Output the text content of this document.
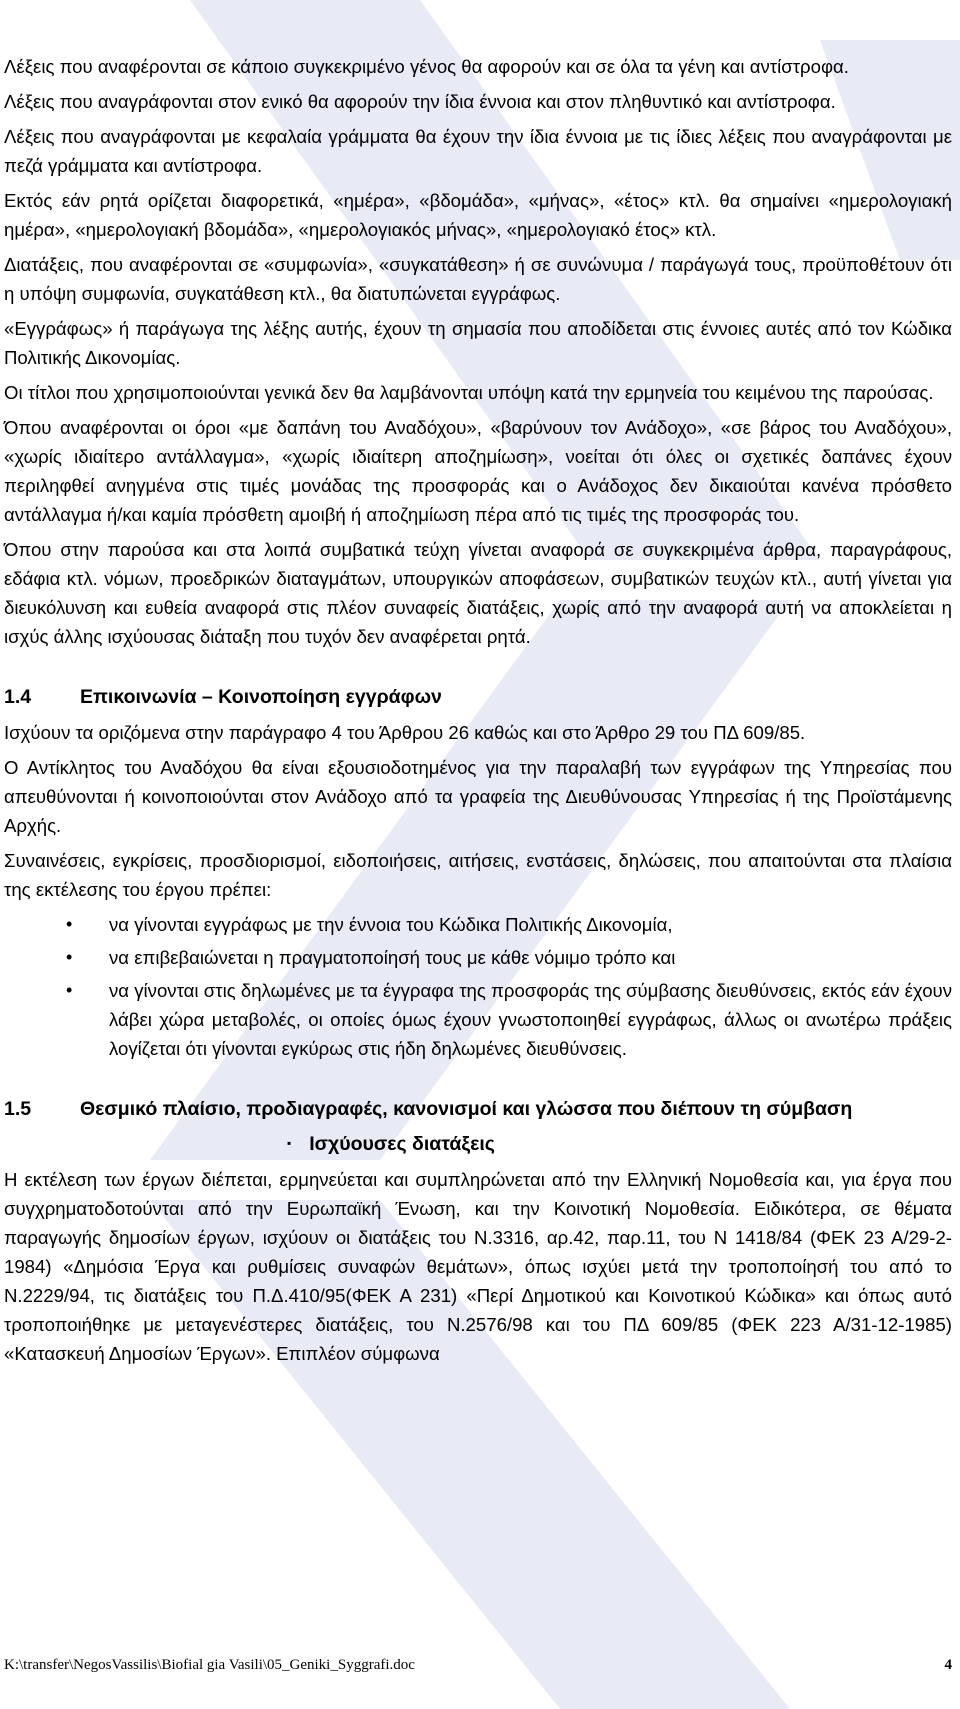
Λέξεις που αναφέρονται σε κάποιο συγκεκριμένο γένος θα αφορούν και σε όλα τα γένη και αντίστροφα.

Λέξεις που αναγράφονται στον ενικό θα αφορούν την ίδια έννοια και στον πληθυντικό και αντίστροφα.

Λέξεις που αναγράφονται με κεφαλαία γράμματα θα έχουν την ίδια έννοια με τις ίδιες λέξεις που αναγράφονται με πεζά γράμματα και αντίστροφα.

Εκτός εάν ρητά ορίζεται διαφορετικά, «ημέρα», «βδομάδα», «μήνας», «έτος» κτλ. θα σημαίνει «ημερολογιακή ημέρα», «ημερολογιακή βδομάδα», «ημερολογιακός μήνας», «ημερολογιακό έτος» κτλ.

Διατάξεις, που αναφέρονται σε «συμφωνία», «συγκατάθεση» ή σε συνώνυμα / παράγωγά τους, προϋποθέτουν ότι η υπόψη συμφωνία, συγκατάθεση κτλ., θα διατυπώνεται εγγράφως.

«Εγγράφως» ή παράγωγα της λέξης αυτής, έχουν τη σημασία που αποδίδεται στις έννοιες αυτές από τον Κώδικα Πολιτικής Δικονομίας.

Οι τίτλοι που χρησιμοποιούνται γενικά δεν θα λαμβάνονται υπόψη κατά την ερμηνεία του κειμένου της παρούσας.

Όπου αναφέρονται οι όροι «με δαπάνη του Αναδόχου», «βαρύνουν τον Ανάδοχο», «σε βάρος του Αναδόχου», «χωρίς ιδιαίτερο αντάλλαγμα», «χωρίς ιδιαίτερη αποζημίωση», νοείται ότι όλες οι σχετικές δαπάνες έχουν περιληφθεί ανηγμένα στις τιμές μονάδας της προσφοράς και ο Ανάδοχος δεν δικαιούται κανένα πρόσθετο αντάλλαγμα ή/και καμία πρόσθετη αμοιβή ή αποζημίωση πέρα από τις τιμές της προσφοράς του.

Όπου στην παρούσα και στα λοιπά συμβατικά τεύχη γίνεται αναφορά σε συγκεκριμένα άρθρα, παραγράφους, εδάφια κτλ. νόμων, προεδρικών διαταγμάτων, υπουργικών αποφάσεων, συμβατικών τευχών κτλ., αυτή γίνεται για διευκόλυνση και ευθεία αναφορά στις πλέον συναφείς διατάξεις, χωρίς από την αναφορά αυτή να αποκλείεται η ισχύς άλλης ισχύουσας διάταξη που τυχόν δεν αναφέρεται ρητά.

1.4	Επικοινωνία – Κοινοποίηση εγγράφων

Ισχύουν τα οριζόμενα στην παράγραφο 4 του Άρθρου 26 καθώς και στο Άρθρο 29 του ΠΔ 609/85.

Ο Αντίκλητος του Αναδόχου θα είναι εξουσιοδοτημένος για την παραλαβή των εγγράφων της Υπηρεσίας που απευθύνονται ή κοινοποιούνται στον Ανάδοχο από τα γραφεία της Διευθύνουσας Υπηρεσίας ή της Προϊστάμενης Αρχής.

Συναινέσεις, εγκρίσεις, προσδιορισμοί, ειδοποιήσεις, αιτήσεις, ενστάσεις, δηλώσεις, που απαιτούνται στα πλαίσια της εκτέλεσης του έργου πρέπει:

• να γίνονται εγγράφως με την έννοια του Κώδικα Πολιτικής Δικονομία,
• να επιβεβαιώνεται η πραγματοποίησή τους με κάθε νόμιμο τρόπο και
• να γίνονται στις δηλωμένες με τα έγγραφα της προσφοράς της σύμβασης διευθύνσεις, εκτός εάν έχουν λάβει χώρα μεταβολές, οι οποίες όμως έχουν γνωστοποιηθεί εγγράφως, άλλως οι ανωτέρω πράξεις λογίζεται ότι γίνονται εγκύρως στις ήδη δηλωμένες διευθύνσεις.
1.5	Θεσμικό πλαίσιο, προδιαγραφές, κανονισμοί και γλώσσα που διέπουν τη σύμβαση
▪ Ισχύουσες διατάξεις

Η εκτέλεση των έργων διέπεται, ερμηνεύεται και συμπληρώνεται από την Ελληνική Νομοθεσία και, για έργα που συγχρηματοδοτούνται από την Ευρωπαϊκή Ένωση, και την Κοινοτική Νομοθεσία. Ειδικότερα, σε θέματα παραγωγής δημοσίων έργων, ισχύουν οι διατάξεις του Ν.3316, αρ.42, παρ.11, του Ν 1418/84 (ΦΕΚ 23 Α/29-2-1984) «Δημόσια Έργα και ρυθμίσεις συναφών θεμάτων», όπως ισχύει μετά την τροποποίησή του από το Ν.2229/94, τις διατάξεις του Π.Δ.410/95(ΦΕΚ Α 231) «Περί Δημοτικού και Κοινοτικού Κώδικα» και όπως αυτό τροποποιήθηκε με μεταγενέστερες διατάξεις, του Ν.2576/98 και του ΠΔ 609/85 (ΦΕΚ 223 Α/31-12-1985) «Κατασκευή Δημοσίων Έργων». Επιπλέον σύμφωνα

K:\transfer\NegosVassilis\Biofial gia Vasili\05_Geniki_Syggrafi.doc	4
